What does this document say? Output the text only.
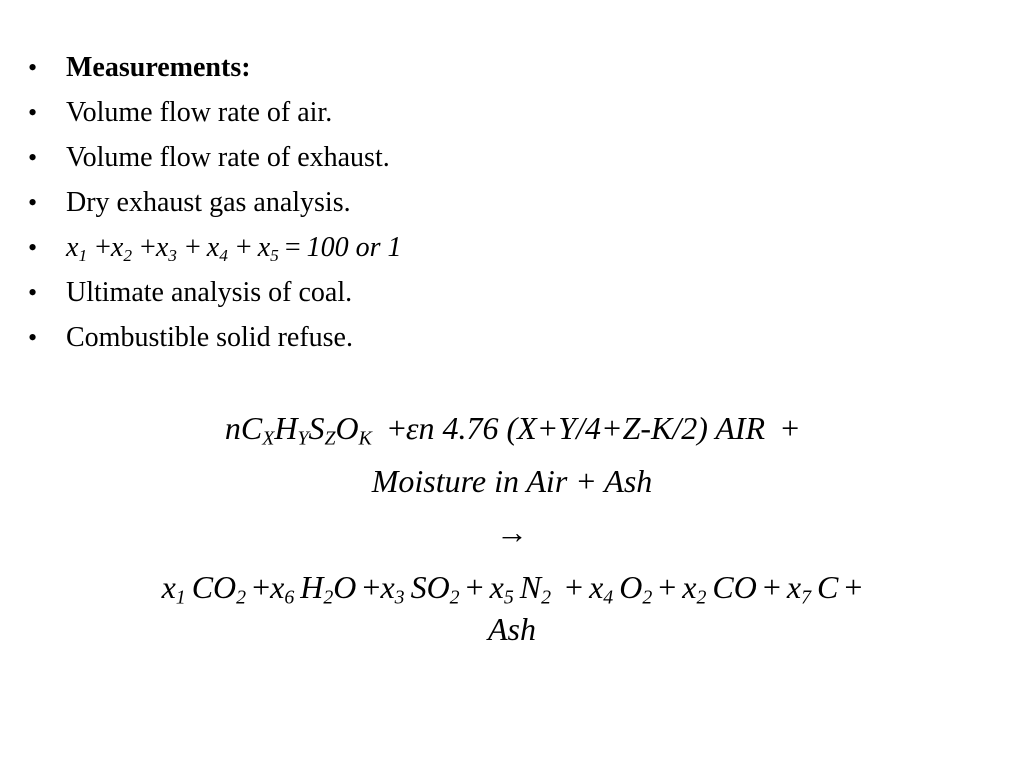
• Measurements:
• Volume flow rate of air.
• Volume flow rate of exhaust.
• Dry exhaust gas analysis.
• $x_1 +x_2 +x_3 + x_4 + x_5 = 100$ or 1
• Ultimate analysis of coal.
• Combustible solid refuse.
$nC_XH_YS_ZO_K +\varepsilon n$ 4.76 (X+Y/4+Z-K/2) AIR +
Moisture in Air + Ash
→
$x_1$ $CO_2 +x_6$ $H_2O +x_3$ $SO_2 + x_5$ $N_2 + x_4$ $O_2 + x_2$ CO + $x_7$ C +
Ash
